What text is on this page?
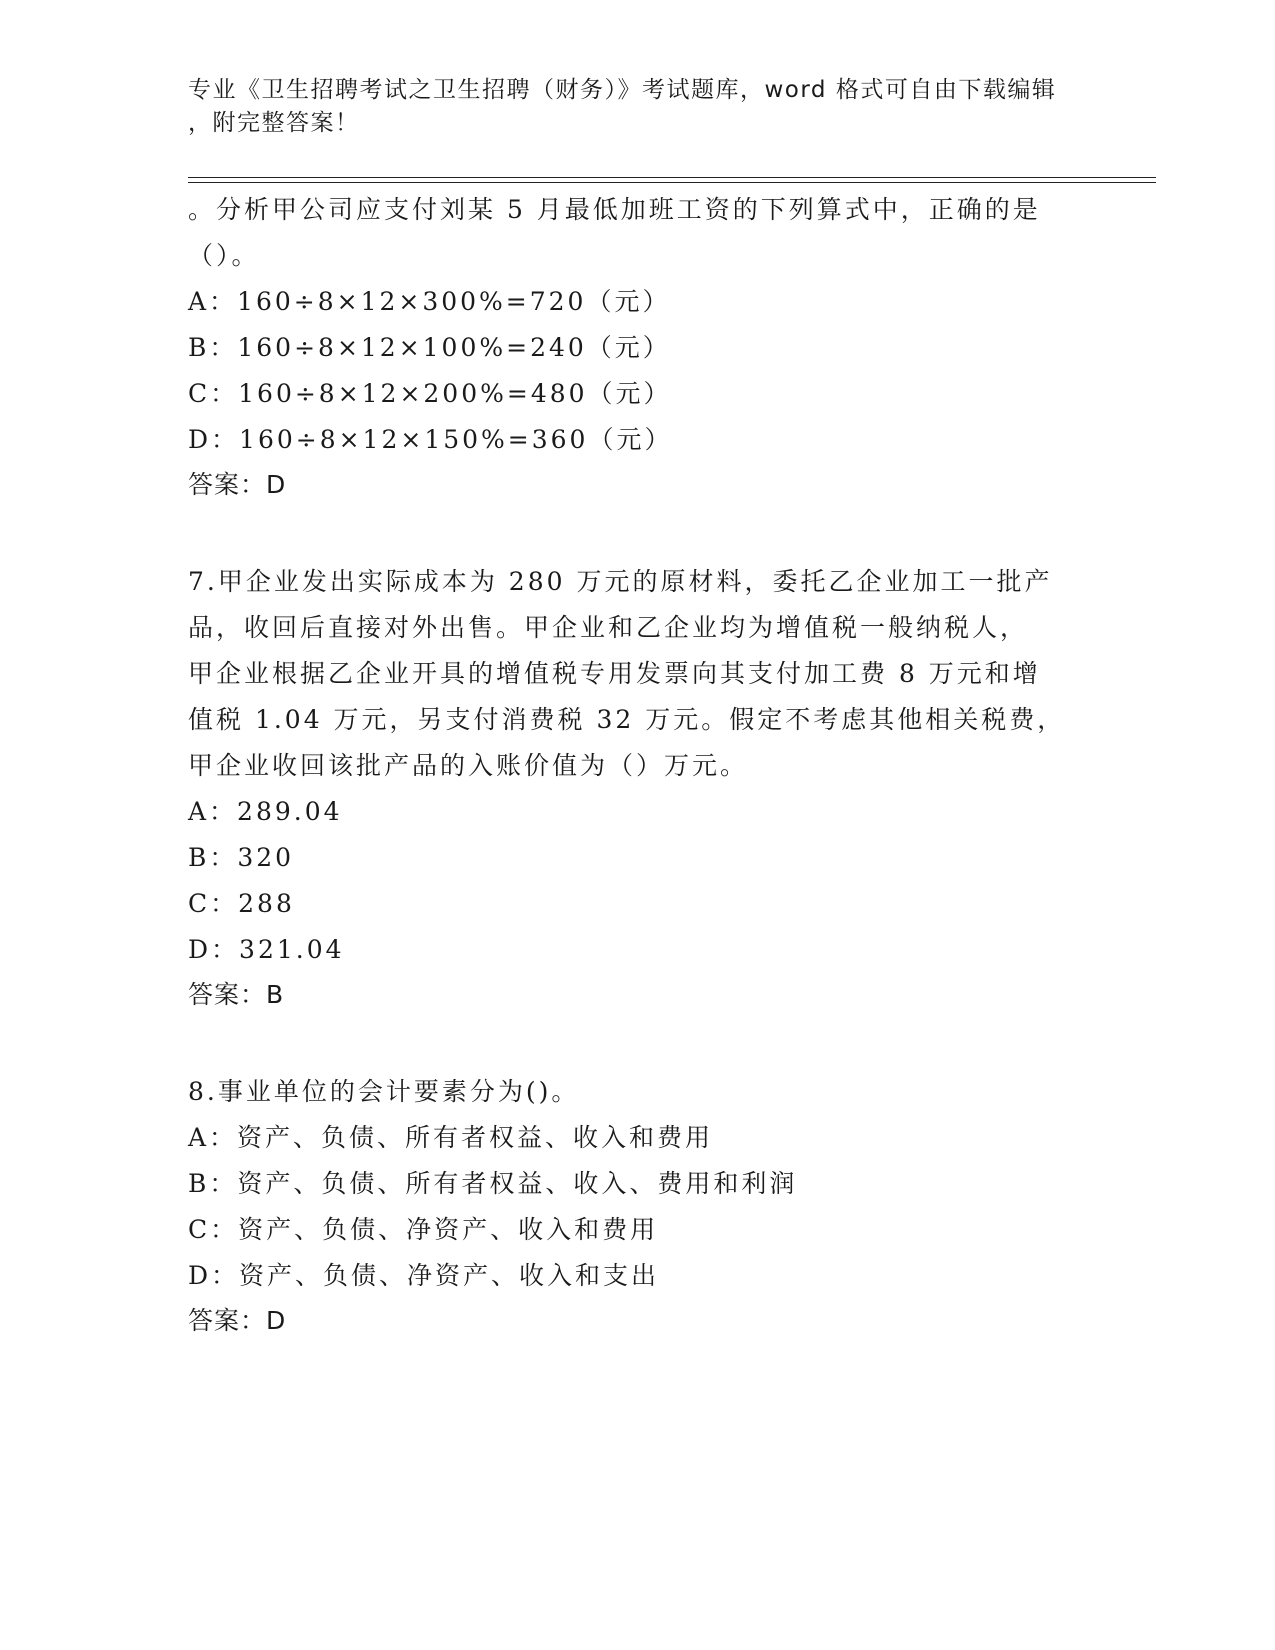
专业《卫生招聘考试之卫生招聘（财务）》考试题库，word 格式可自由下载编辑
，附完整答案！

。分析甲公司应支付刘某 5 月最低加班工资的下列算式中，正确的是

（）。

A：160÷8×12×300%=720（元）

B：160÷8×12×100%=240（元）

C：160÷8×12×200%=480（元）

D：160÷8×12×150%=360（元）

答案：D

7.甲企业发出实际成本为 280 万元的原材料，委托乙企业加工一批产

品，收回后直接对外出售。甲企业和乙企业均为增值税一般纳税人，

甲企业根据乙企业开具的增值税专用发票向其支付加工费 8 万元和增

值税 1.04 万元，另支付消费税 32 万元。假定不考虑其他相关税费，

甲企业收回该批产品的入账价值为（）万元。

A：289.04

B：320

C：288

D：321.04

答案：B

8.事业单位的会计要素分为()。

A：资产、负债、所有者权益、收入和费用

B：资产、负债、所有者权益、收入、费用和利润

C：资产、负债、净资产、收入和费用

D：资产、负债、净资产、收入和支出

答案：D
